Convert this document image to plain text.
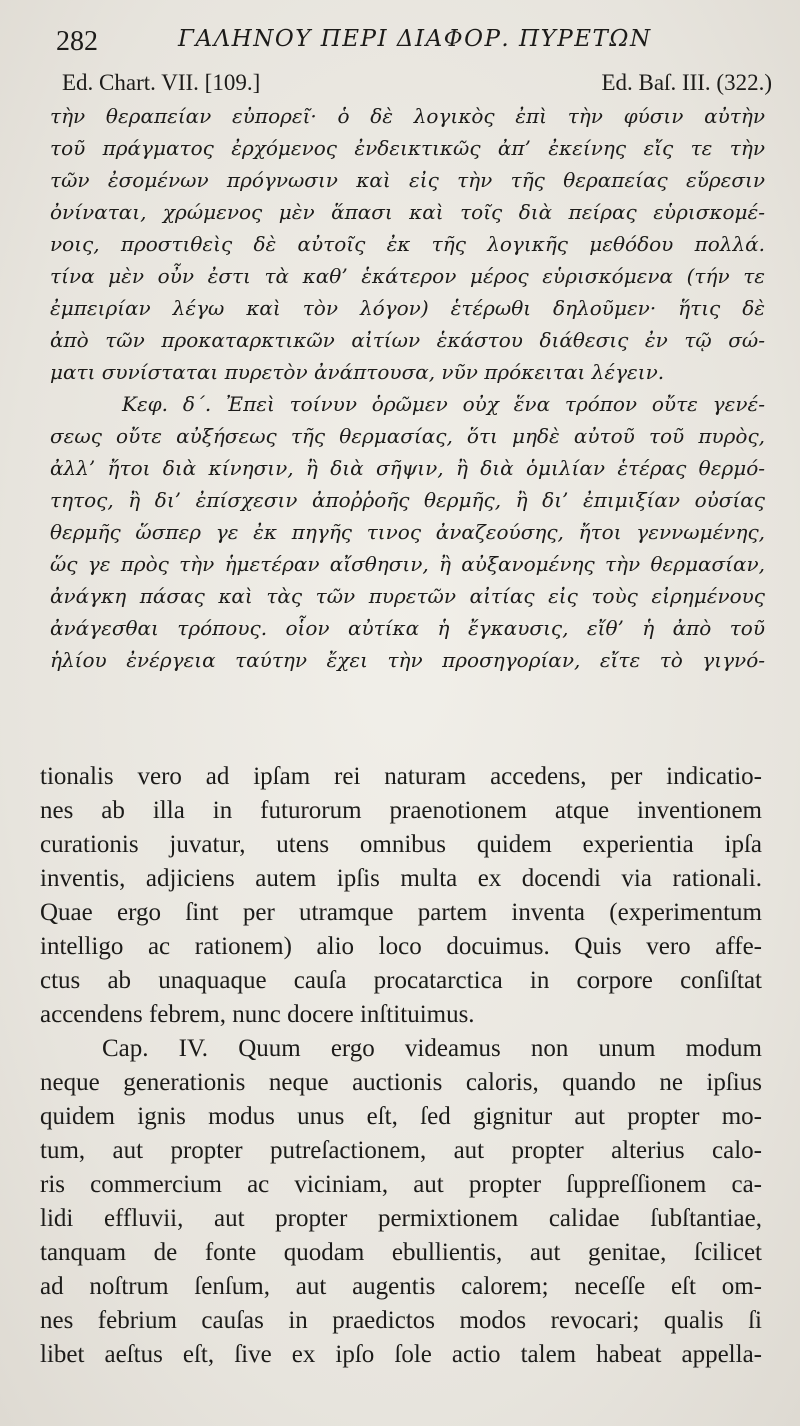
282	ΓΑΛΗΝΟΥ ΠΕΡΙ ΔΙΑΦΟΡ. ΠΥΡΕΤΩΝ
Ed. Chart. VII. [109.]	Ed. Baſ. III. (322.)
τὴν θεραπείαν εὐπορεῖ· ὁ δὲ λογικὸς ἐπὶ τὴν φύσιν αὐτὴν
τοῦ πράγματος ἐρχόμενος ἐνδεικτικῶς ἀπ’ ἐκείνης εἴς τε τὴν
τῶν ἐσομένων πρόγνωσιν καὶ εἰς τὴν τῆς θεραπείας εὕρεσιν
ὀνίναται, χρώμενος μὲν ἅπασι καὶ τοῖς διὰ πείρας εὑρισκομέ-
νοις, προστιθεὶς δὲ αὐτοῖς ἐκ τῆς λογικῆς μεθόδου πολλά.
τίνα μὲν οὖν ἐστι τὰ καθ’ ἑκάτερον μέρος εὑρισκόμενα (τήν τε
ἐμπειρίαν λέγω καὶ τὸν λόγον) ἑτέρωθι δηλοῦμεν· ἥτις δὲ
ἀπὸ τῶν προκαταρκτικῶν αἰτίων ἑκάστου διάθεσις ἐν τῷ σώ-
ματι συνίσταται πυρετὸν ἀνάπτουσα, νῦν πρόκειται λέγειν.
Κεφ. δ΄. Ἐπεὶ τοίνυν ὁρῶμεν οὐχ ἕνα τρόπον οὔτε γενέ-
σεως οὔτε αὐξήσεως τῆς θερμασίας, ὅτι μηδὲ αὐτοῦ τοῦ πυρὸς,
ἀλλ’ ἤτοι διὰ κίνησιν, ἢ διὰ σῆψιν, ἢ διὰ ὁμιλίαν ἑτέρας θερμό-
τητος, ἢ δι’ ἐπίσχεσιν ἀποῤῥοῆς θερμῆς, ἢ δι’ ἐπιμιξίαν οὐσίας
θερμῆς ὥσπερ γε ἐκ πηγῆς τινος ἀναζεούσης, ἤτοι γεννωμένης,
ὥς γε πρὸς τὴν ἡμετέραν αἴσθησιν, ἢ αὐξανομένης τὴν θερμασίαν,
ἀνάγκη πάσας καὶ τὰς τῶν πυρετῶν αἰτίας εἰς τοὺς εἰρημένους
ἀνάγεσθαι τρόπους. οἷον αὐτίκα ἡ ἔγκαυσις, εἴθ’ ἡ ἀπὸ τοῦ
ἡλίου ἐνέργεια ταύτην ἔχει τὴν προσηγορίαν, εἴτε τὸ γιγνό-
tionalis vero ad ipſam rei naturam accedens, per indicatio-
nes ab illa in futurorum praenotionem atque inventionem
curationis juvatur, utens omnibus quidem experientia ipſa
inventis, adjiciens autem ipſis multa ex docendi via rationali.
Quae ergo ſint per utramque partem inventa (experimentum
intelligo ac rationem) alio loco docuimus. Quis vero affe-
ctus ab unaquaque cauſa procatarctica in corpore conſiſtat
accendens febrem, nunc docere inſtituimus.
Cap. IV. Quum ergo videamus non unum modum
neque generationis neque auctionis caloris, quando ne ipſius
quidem ignis modus unus eſt, ſed gignitur aut propter mo-
tum, aut propter putreſactionem, aut propter alterius calo-
ris commercium ac viciniam, aut propter ſuppreſſionem ca-
lidi effluvii, aut propter permixtionem calidae ſubſtantiae,
tanquam de fonte quodam ebullientis, aut genitae, ſcilicet
ad noſtrum ſenſum, aut augentis calorem; neceſſe eſt om-
nes febrium cauſas in praedictos modos revocari; qualis ſi
libet aeſtus eſt, ſive ex ipſo ſole actio talem habeat appella-
